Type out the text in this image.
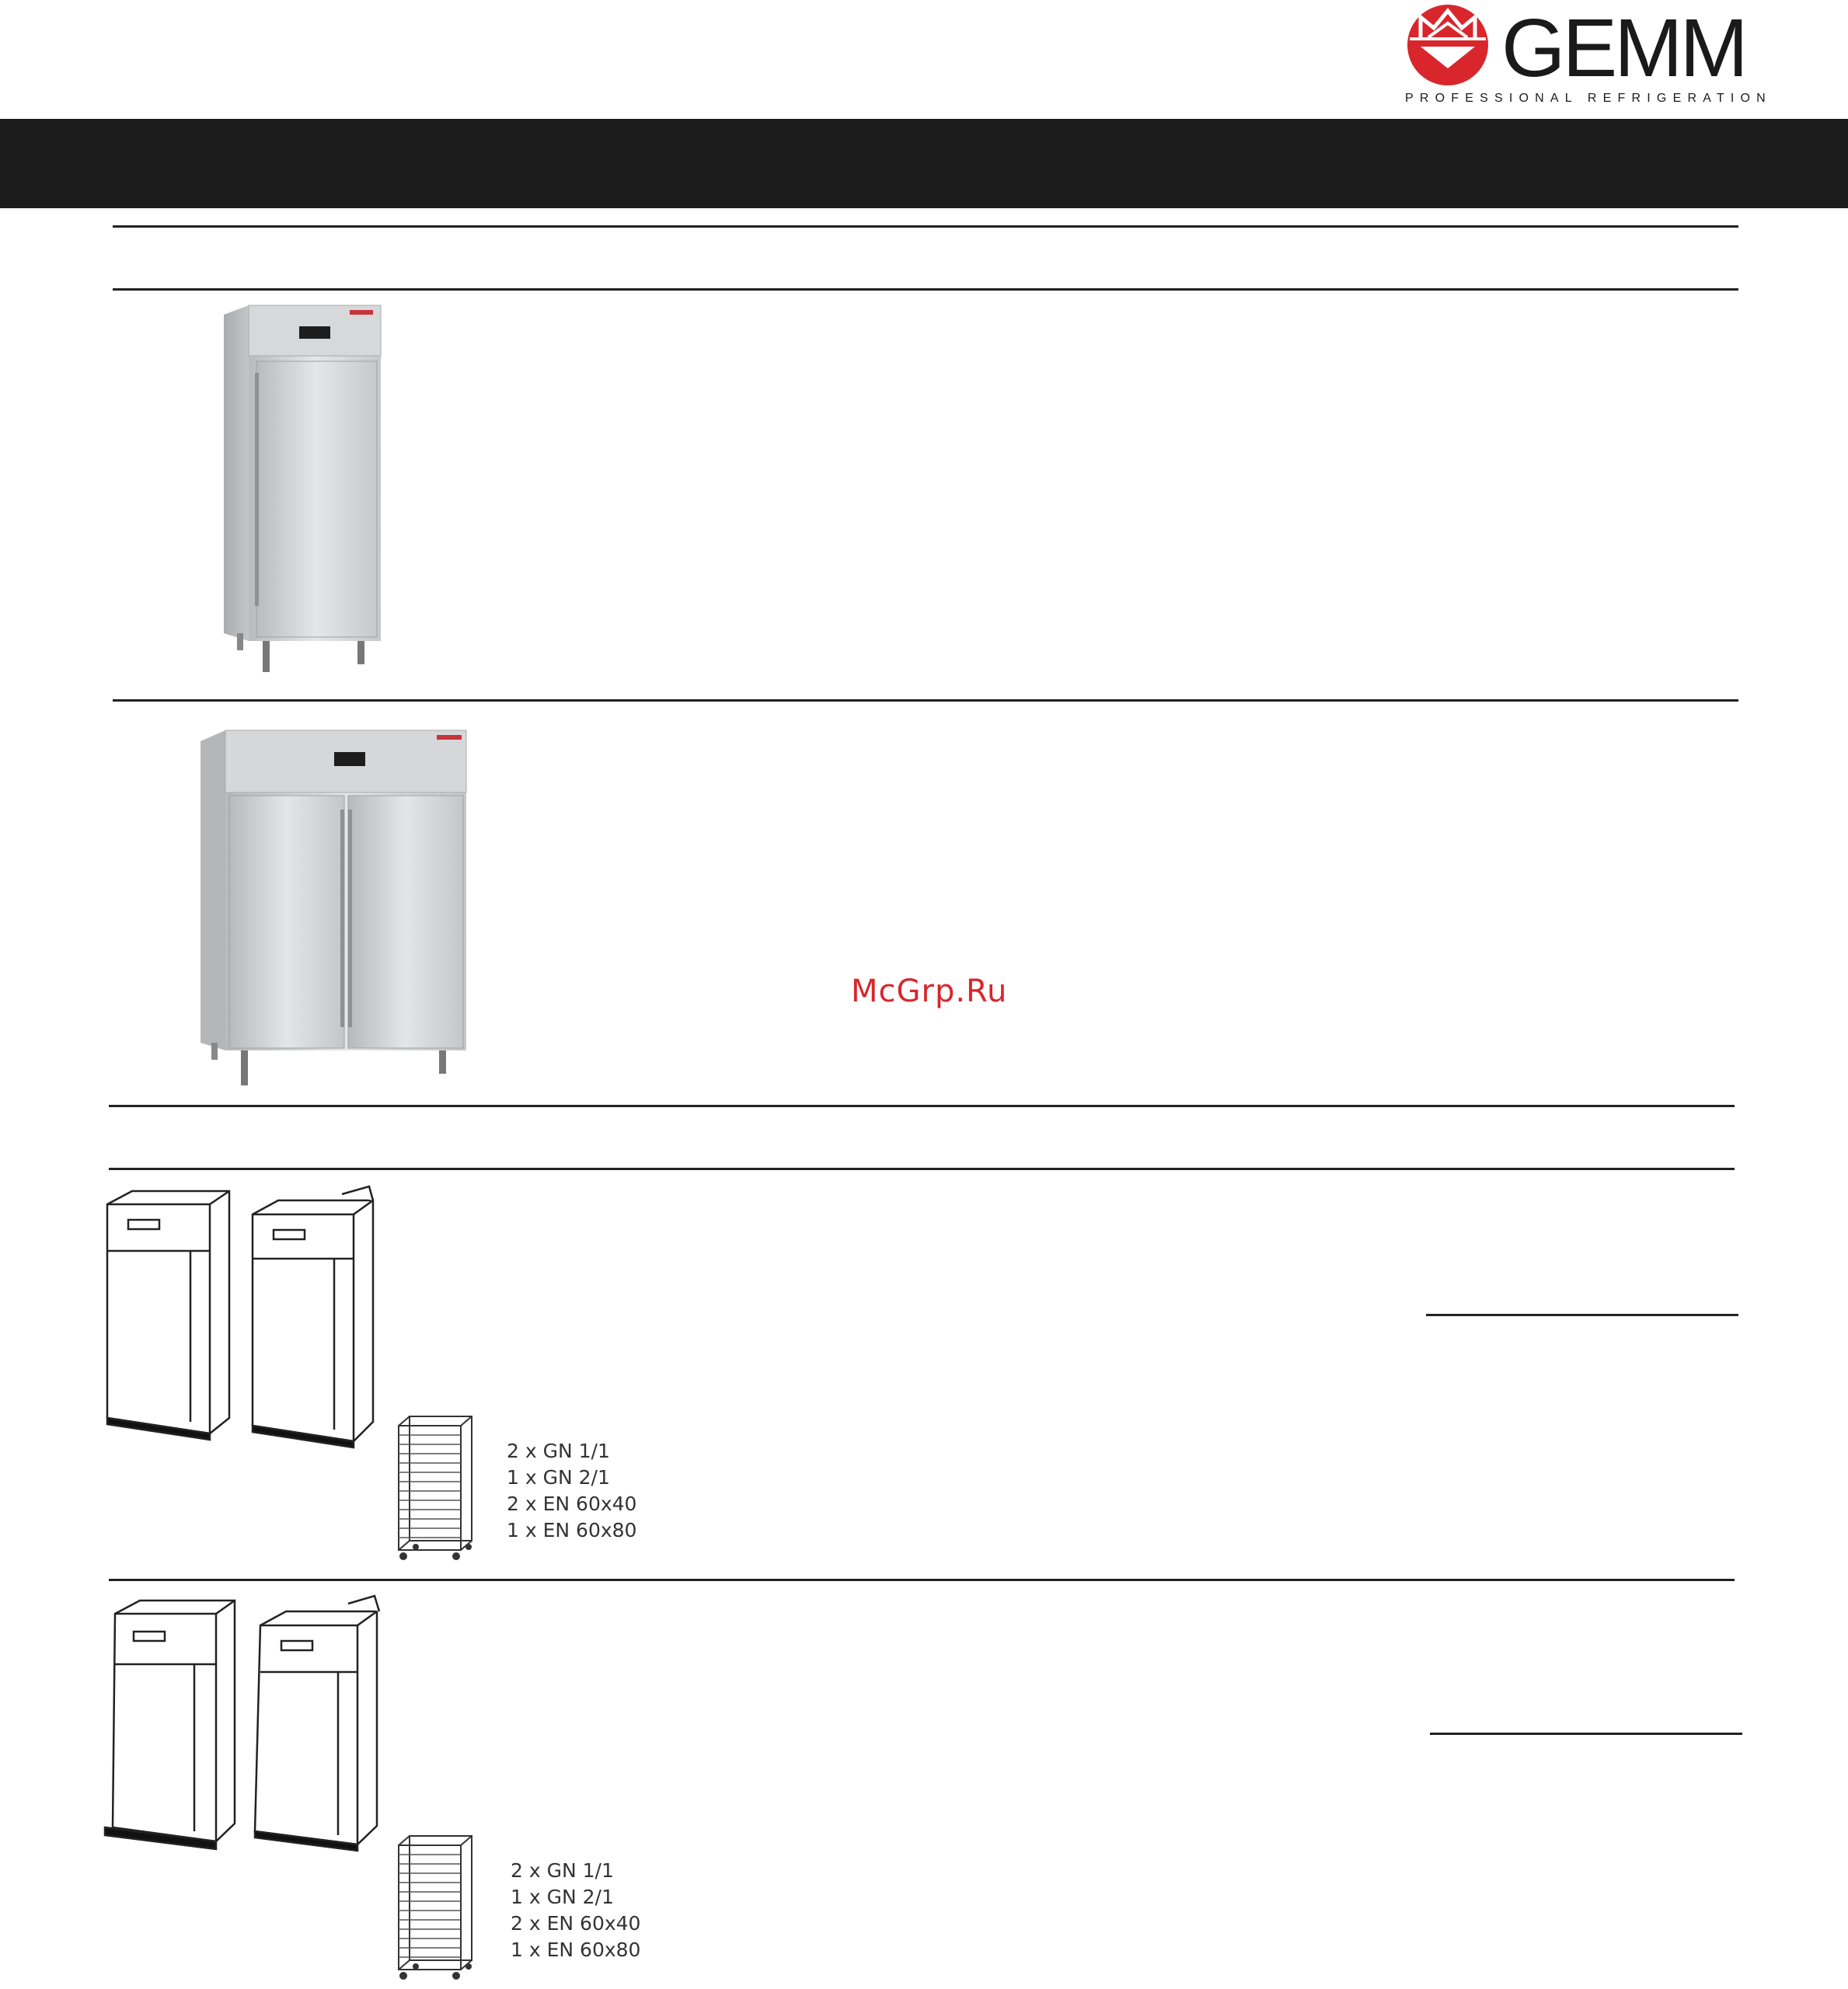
GEMM
PROFESSIONAL REFRIGERATION
McGrp.Ru
2 x GN 1/1
1 x GN 2/1
2 x EN 60x40
1 x EN 60x80
2 x GN 1/1
1 x GN 2/1
2 x EN 60x40
1 x EN 60x80
